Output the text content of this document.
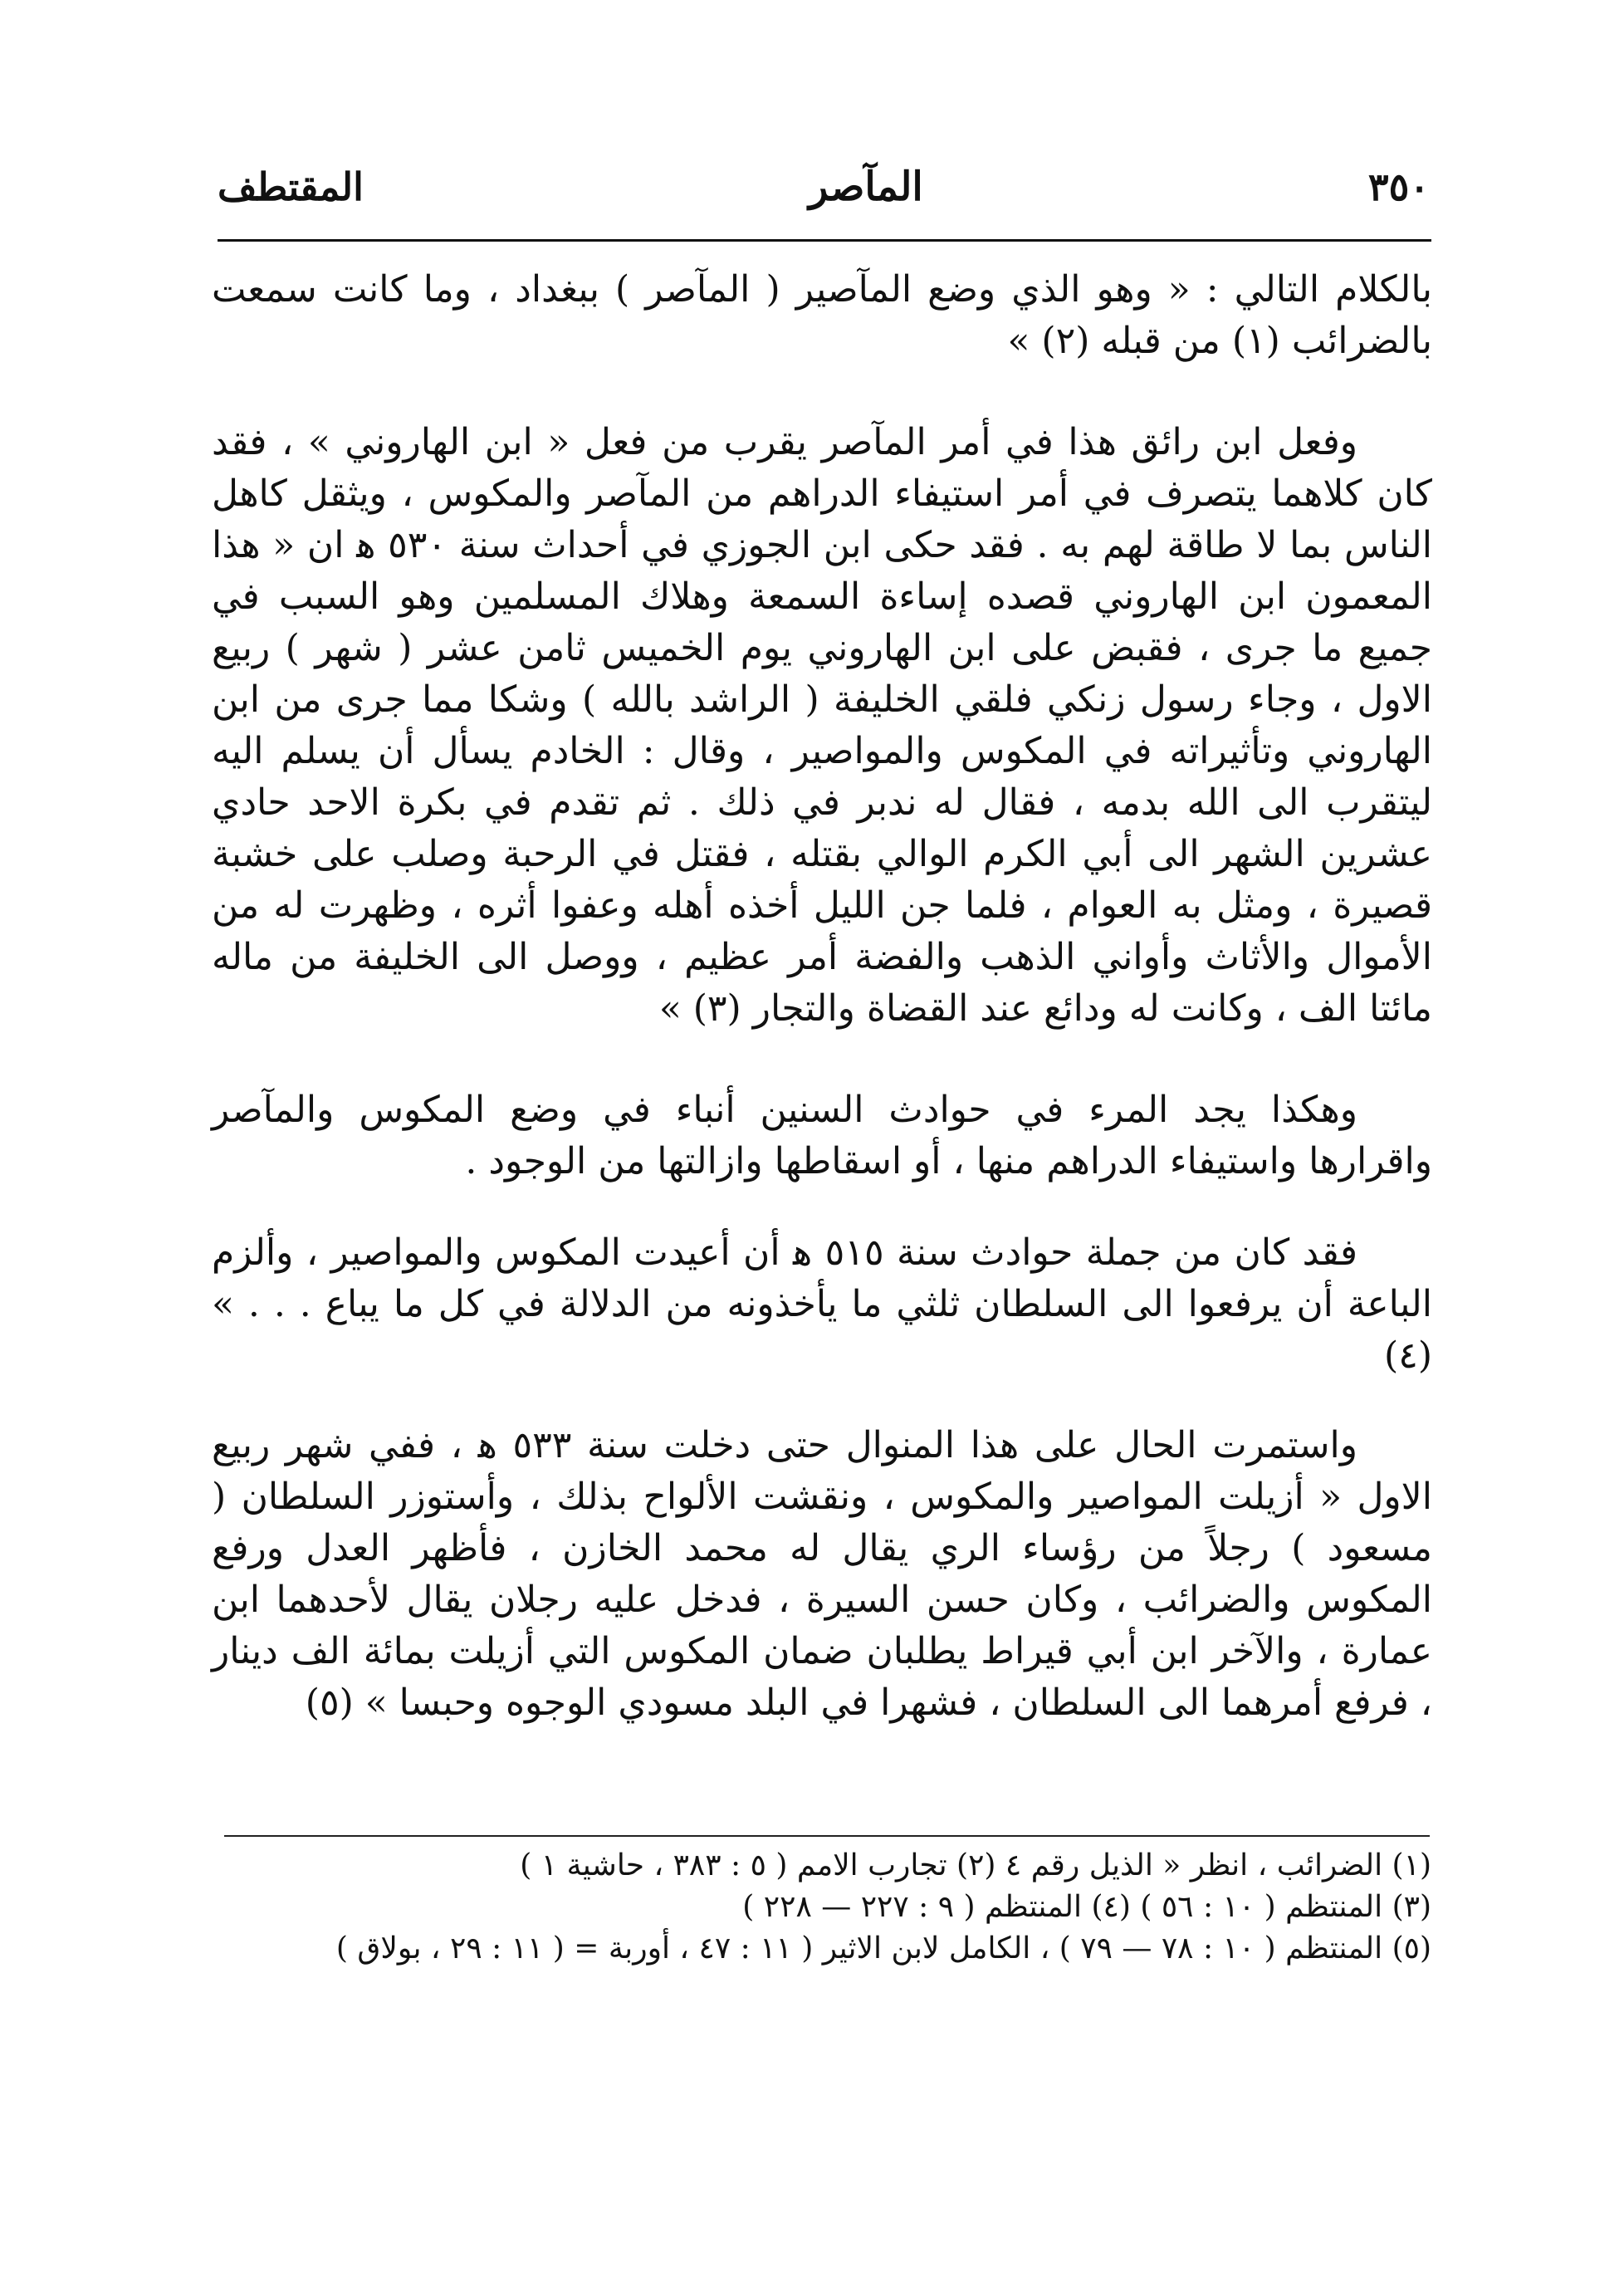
٣٥٠
المآصر
المقتطف

بالكلام التالي : « وهو الذي وضع المآصير ( المآصر ) ببغداد ، وما كانت سمعت بالضرائب (١) من قبله (٢) »

وفعل ابن رائق هذا في أمر المآصر يقرب من فعل « ابن الهاروني » ، فقد كان كلاهما يتصرف في أمر استيفاء الدراهم من المآصر والمكوس ، ويثقل كاهل الناس بما لا طاقة لهم به . فقد حكى ابن الجوزي في أحداث سنة ٥٣٠ ﻫ ان « هذا المعمون ابن الهاروني قصده إساءة السمعة وهلاك المسلمين وهو السبب في جميع ما جرى ، فقبض على ابن الهاروني يوم الخميس ثامن عشر ( شهر ) ربيع الاول ، وجاء رسول زنكي فلقي الخليفة ( الراشد بالله ) وشكا مما جرى من ابن الهاروني وتأثيراته في المكوس والمواصير ، وقال : الخادم يسأل أن يسلم اليه ليتقرب الى الله بدمه ، فقال له ندبر في ذلك . ثم تقدم في بكرة الاحد حادي عشرين الشهر الى أبي الكرم الوالي بقتله ، فقتل في الرحبة وصلب على خشبة قصيرة ، ومثل به العوام ، فلما جن الليل أخذه أهله وعفوا أثره ، وظهرت له من الأموال والأثاث وأواني الذهب والفضة أمر عظيم ، ووصل الى الخليفة من ماله مائتا الف ، وكانت له ودائع عند القضاة والتجار (٣) »

وهكذا يجد المرء في حوادث السنين أنباء في وضع المكوس والمآصر واقرارها واستيفاء الدراهم منها ، أو اسقاطها وازالتها من الوجود .

فقد كان من جملة حوادث سنة ٥١٥ ﻫ أن أعيدت المكوس والمواصير ، وألزم الباعة أن يرفعوا الى السلطان ثلثي ما يأخذونه من الدلالة في كل ما يباع . . . » (٤)

واستمرت الحال على هذا المنوال حتى دخلت سنة ٥٣٣ ﻫ ، ففي شهر ربيع الاول « أزيلت المواصير والمكوس ، ونقشت الألواح بذلك ، وأستوزر السلطان ( مسعود ) رجلاً من رؤساء الري يقال له محمد الخازن ، فأظهر العدل ورفع المكوس والضرائب ، وكان حسن السيرة ، فدخل عليه رجلان يقال لأحدهما ابن عمارة ، والآخر ابن أبي قيراط يطلبان ضمان المكوس التي أزيلت بمائة الف دينار ، فرفع أمرهما الى السلطان ، فشهرا في البلد مسودي الوجوه وحبسا » (٥)

(١) الضرائب ، انظر « الذيل رقم ٤ (٢) تجارب الامم ( ٥ : ٣٨٣ ، حاشية ١ )

(٣) المنتظم ( ١٠ : ٥٦ ) (٤) المنتظم ( ٩ : ٢٢٧ — ٢٢٨ )

(٥) المنتظم ( ١٠ : ٧٨ — ٧٩ ) ، الكامل لابن الاثير ( ١١ : ٤٧ ، أوربة = ( ١١ : ٢٩ ، بولاق )
